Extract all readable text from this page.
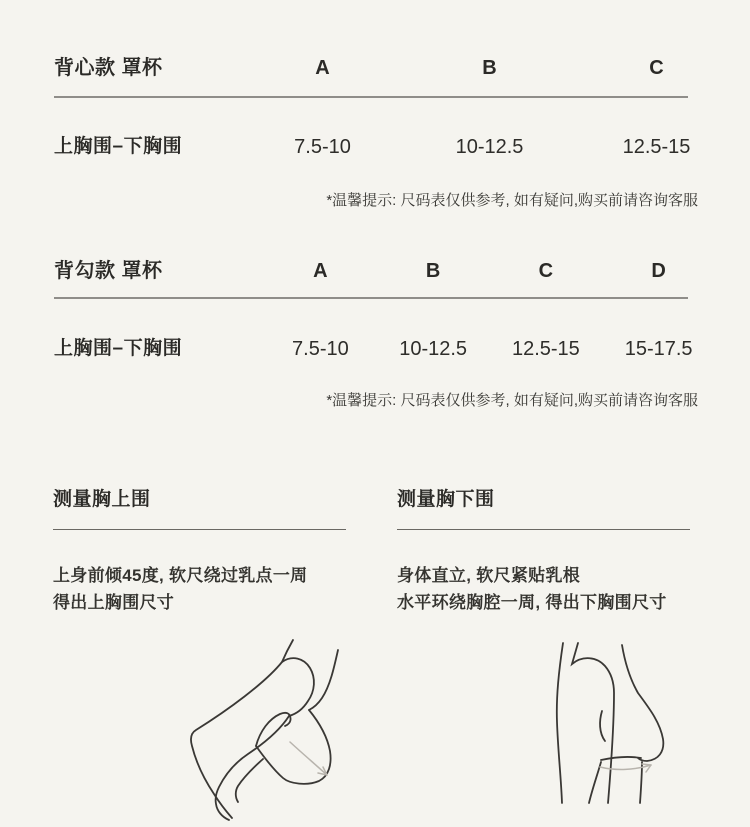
背心款 罩杯	A	B	C
上胸围–下胸围	7.5-10	10-12.5	12.5-15
*温馨提示: 尺码表仅供参考, 如有疑问,购买前请咨询客服
背勾款 罩杯	A	B	C	D
上胸围–下胸围	7.5-10	10-12.5	12.5-15	15-17.5
*温馨提示: 尺码表仅供参考, 如有疑问,购买前请咨询客服
测量胸上围
上身前倾45度, 软尺绕过乳点一周
得出上胸围尺寸
测量胸下围
身体直立, 软尺紧贴乳根
水平环绕胸腔一周, 得出下胸围尺寸
